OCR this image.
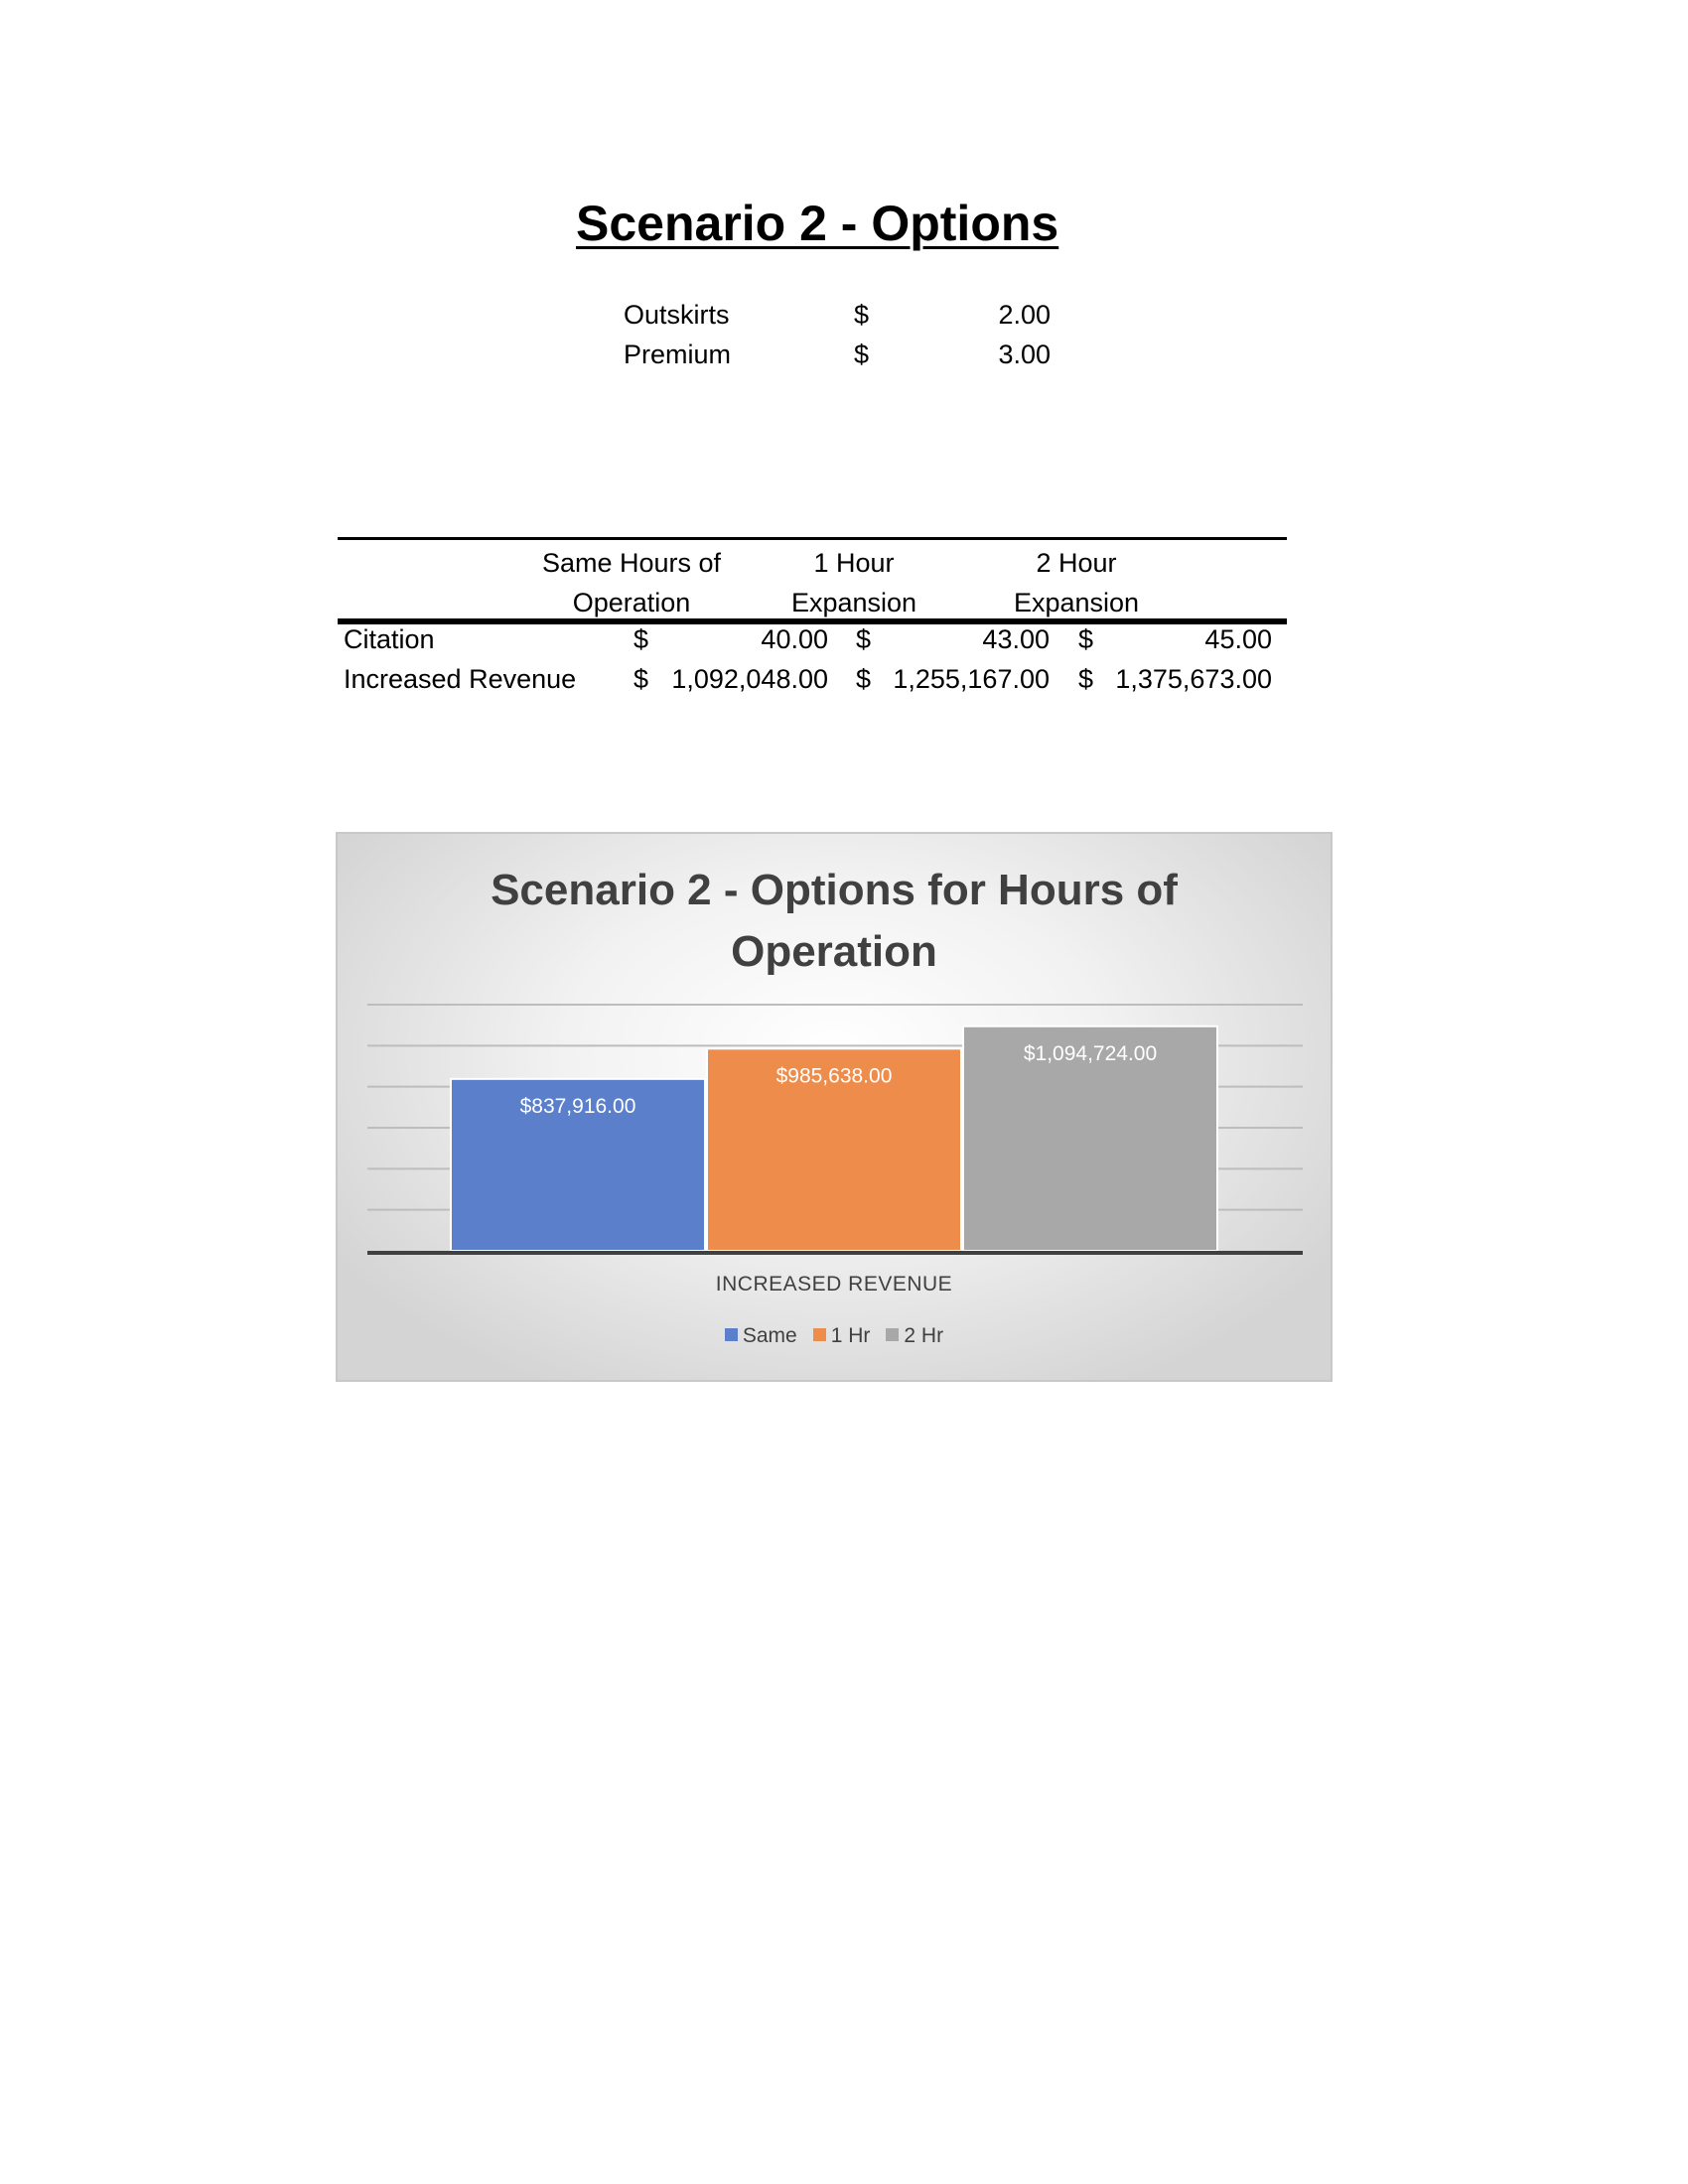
Scenario 2 - Options
Outskirts	$	2.00
Premium	$	3.00
Same Hours of
Operation
1 Hour
Expansion
2 Hour
Expansion
Citation	$	40.00 $	43.00 $	45.00
Increased Revenue $ 1,092,048.00 $ 1,255,167.00 $ 1,375,673.00
Scenario 2 - Options for Hours of
Operation
$837,916.00
$985,638.00
$1,094,724.00
INCREASED REVENUE
Same 1 Hr 2 Hr
